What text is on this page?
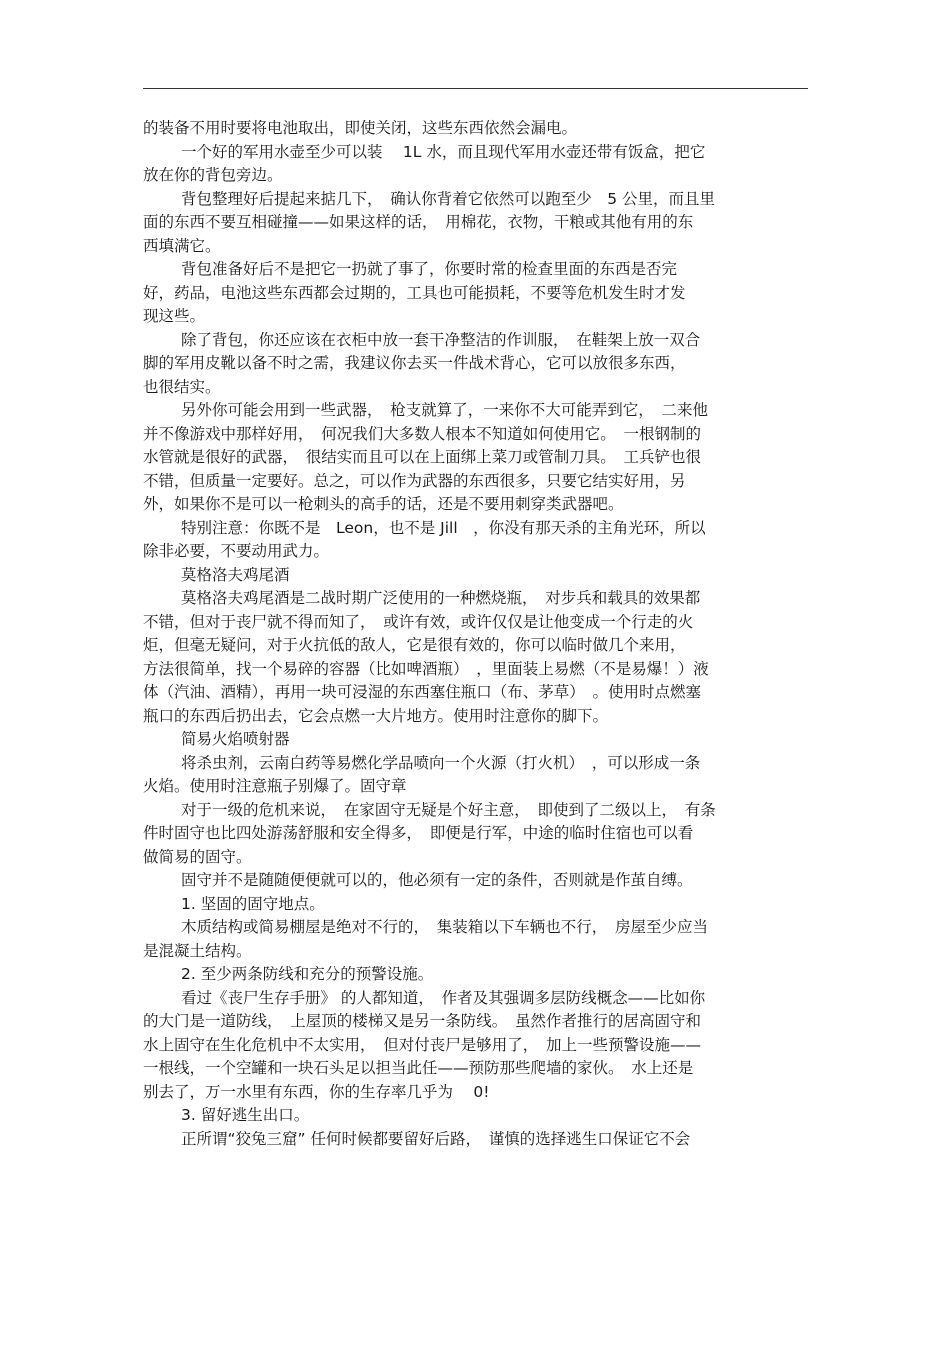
的装备不用时要将电池取出，即使关闭，这些东西依然会漏电。
一个好的军用水壶至少可以装　 1L 水，而且现代军用水壶还带有饭盒，把它
放在你的背包旁边。
背包整理好后提起来掂几下，　确认你背着它依然可以跑至少　5 公里，而且里
面的东西不要互相碰撞——如果这样的话，　用棉花，衣物，干粮或其他有用的东
西填满它。
背包准备好后不是把它一扔就了事了，你要时常的检查里面的东西是否完
好，药品，电池这些东西都会过期的，工具也可能损耗，不要等危机发生时才发
现这些。
除了背包，你还应该在衣柜中放一套干净整洁的作训服，　在鞋架上放一双合
脚的军用皮靴以备不时之需，我建议你去买一件战术背心，它可以放很多东西，
也很结实。
另外你可能会用到一些武器，　枪支就算了，一来你不大可能弄到它，　二来他
并不像游戏中那样好用，　何况我们大多数人根本不知道如何使用它。　一根钢制的
水管就是很好的武器，　很结实而且可以在上面绑上菜刀或管制刀具。　工兵铲也很
不错，但质量一定要好。总之，可以作为武器的东西很多，只要它结实好用，另
外，如果你不是可以一枪刺头的高手的话，还是不要用刺穿类武器吧。
特别注意：你既不是　Leon，也不是 Jill　，你没有那天杀的主角光环，所以
除非必要，不要动用武力。
莫格洛夫鸡尾酒
莫格洛夫鸡尾酒是二战时期广泛使用的一种燃烧瓶，　对步兵和载具的效果都
不错，但对于丧尸就不得而知了，　或许有效，或许仅仅是让他变成一个行走的火
炬，但毫无疑问，对于火抗低的敌人，它是很有效的，你可以临时做几个来用，
方法很简单，找一个易碎的容器（比如啤酒瓶）　，里面装上易燃（不是易爆！）液
体（汽油、酒精），再用一块可浸湿的东西塞住瓶口（布、茅草）　。使用时点燃塞
瓶口的东西后扔出去，它会点燃一大片地方。使用时注意你的脚下。
简易火焰喷射器
将杀虫剂，云南白药等易燃化学品喷向一个火源（打火机）　，可以形成一条
火焰。使用时注意瓶子别爆了。固守章
对于一级的危机来说，　在家固守无疑是个好主意，　即使到了二级以上，　有条
件时固守也比四处游荡舒服和安全得多，　即便是行军，中途的临时住宿也可以看
做简易的固守。
固守并不是随随便便就可以的，他必须有一定的条件，否则就是作茧自缚。
1. 坚固的固守地点。
木质结构或简易棚屋是绝对不行的，　集装箱以下车辆也不行，　房屋至少应当
是混凝土结构。
2. 至少两条防线和充分的预警设施。
看过《丧尸生存手册》 的人都知道，　作者及其强调多层防线概念——比如你
的大门是一道防线，　上屋顶的楼梯又是另一条防线。　虽然作者推行的居高固守和
水上固守在生化危机中不太实用，　但对付丧尸是够用了，　加上一些预警设施——
一根线，一个空罐和一块石头足以担当此任——预防那些爬墙的家伙。　水上还是
别去了，万一水里有东西，你的生存率几乎为　 0!
3. 留好逃生出口。
正所谓“狡兔三窟” 任何时候都要留好后路，　谨慎的选择逃生口保证它不会
